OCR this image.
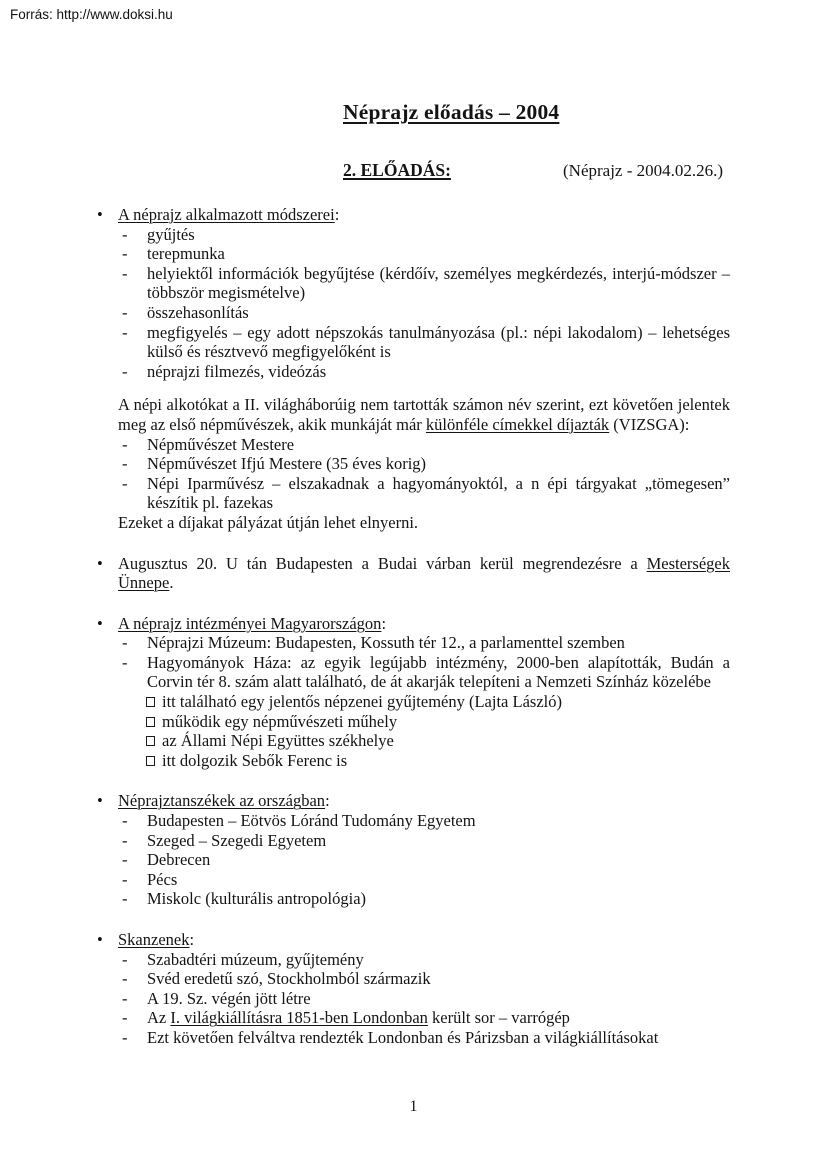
Forrás: http://www.doksi.hu
Néprajz előadás – 2004
2. ELŐADÁS:	(Néprajz - 2004.02.26.)
• A néprajz alkalmazott módszerei:
-	gyűjtés
-	terepmunka
-	helyiektől információk begyűjtése (kérdőív, személyes megkérdezés, interjú-módszer – többször megismételve)
-	összehasonlítás
-	megfigyelés – egy adott népszokás tanulmányozása (pl.: népi lakodalom) – lehetséges külső és résztvevő megfigyelőként is
-	néprajzi filmezés, videózás
A népi alkotókat a II. világháborúig nem tartották számon név szerint, ezt követően jelentek meg az első népművészek, akik munkáját már különféle címekkel díjazták (VIZSGA):
-	Népművészet Mestere
-	Népművészet Ifjú Mestere (35 éves korig)
-	Népi Iparművész – elszakadnak a hagyományoktól, a n épi tárgyakat „tömegesen” készítik pl. fazekas
Ezeket a díjakat pályázat útján lehet elnyerni.
• Augusztus 20. U tán Budapesten a Budai várban kerül megrendezésre a Mesterségek Ünnepe.
• A néprajz intézményei Magyarországon:
-	Néprajzi Múzeum: Budapesten, Kossuth tér 12., a parlamenttel szemben
-	Hagyományok Háza: az egyik legújabb intézmény, 2000-ben alapították, Budán a Corvin tér 8. szám alatt található, de át akarják telepíteni a Nemzeti Színház közelébe
itt található egy jelentős népzenei gyűjtemény (Lajta László)
működik egy népművészeti műhely
az Állami Népi Együttes székhelye
itt dolgozik Sebők Ferenc is
• Néprajztanszékek az országban:
-	Budapesten – Eötvös Lóránd Tudomány Egyetem
-	Szeged – Szegedi Egyetem
-	Debrecen
-	Pécs
-	Miskolc (kulturális antropológia)
• Skanzenek:
-	Szabadtéri múzeum, gyűjtemény
-	Svéd eredetű szó, Stockholmból származik
-	A 19. Sz. végén jött létre
-	Az I. világkiállításra 1851-ben Londonban került sor – varrógép
-	Ezt követően felváltva rendezték Londonban és Párizsban a világkiállításokat
1
